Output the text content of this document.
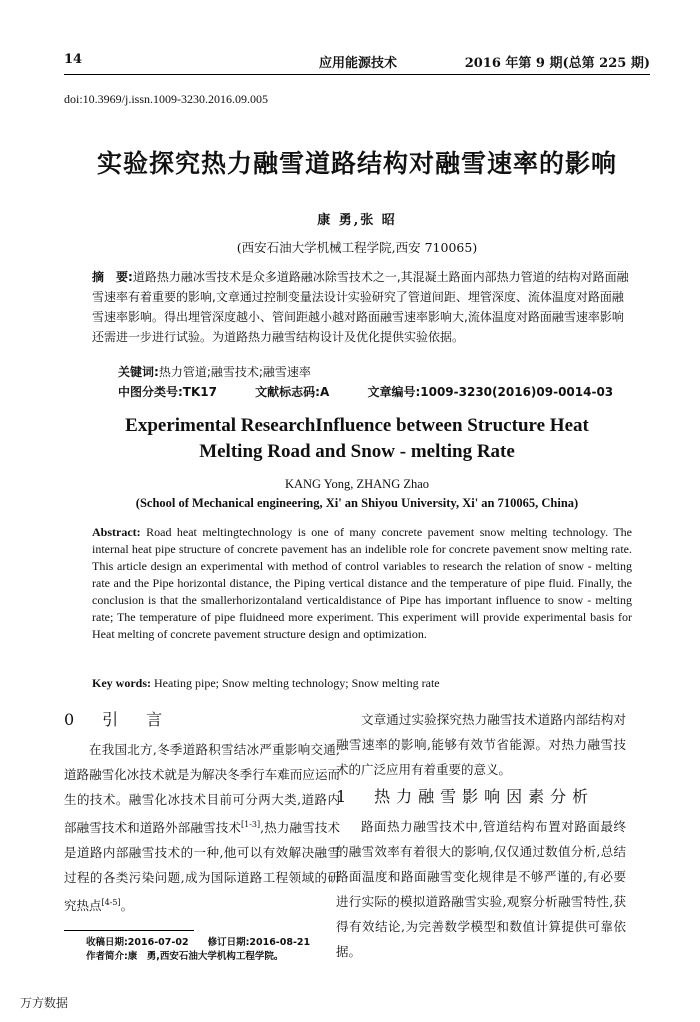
14	应用能源技术	2016 年第 9 期(总第 225 期)
doi:10.3969/j.issn.1009-3230.2016.09.005
实验探究热力融雪道路结构对融雪速率的影响
康 勇,张 昭
(西安石油大学机械工程学院,西安 710065)
摘　要:道路热力融冰雪技术是众多道路融冰除雪技术之一,其混凝土路面内部热力管道的结构对路面融雪速率有着重要的影响,文章通过控制变量法设计实验研究了管道间距、埋管深度、流体温度对路面融雪速率影响。得出埋管深度越小、管间距越小越对路面融雪速率影响大,流体温度对路面融雪速率影响还需进一步进行试验。为道路热力融雪结构设计及优化提供实验依据。
关键词:热力管道;融雪技术;融雪速率
中图分类号:TK17	文献标志码:A	文章编号:1009-3230(2016)09-0014-03
Experimental ResearchInfluence between Structure Heat
Melting Road and Snow - melting Rate
KANG Yong, ZHANG Zhao
(School of Mechanical engineering, Xi' an Shiyou University, Xi' an 710065, China)
Abstract: Road heat meltingtechnology is one of many concrete pavement snow melting technology. The internal heat pipe structure of concrete pavement has an indelible role for concrete pavement snow melting rate. This article design an experimental with method of control variables to research the relation of snow - melting rate and the Pipe horizontal distance, the Piping vertical distance and the temperature of pipe fluid. Finally, the conclusion is that the smallerhorizontaland verticaldistance of Pipe has important influence to snow - melting rate; The temperature of pipe fluidneed more experiment. This experiment will provide experimental basis for Heat melting of concrete pavement structure design and optimization.
Key words: Heating pipe; Snow melting technology; Snow melting rate
0　引　言

在我国北方,冬季道路积雪结冰严重影响交通,道路融雪化冰技术就是为解决冬季行车难而应运而生的技术。融雪化冰技术目前可分两大类,道路内部融雪技术和道路外部融雪技术[1-3],热力融雪技术是道路内部融雪技术的一种,他可以有效解决融雪过程的各类污染问题,成为国际道路工程领域的研究热点[4-5]。

文章通过实验探究热力融雪技术道路内部结构对融雪速率的影响,能够有效节省能源。对热力融雪技术的广泛应用有着重要的意义。

1　热力融雪影响因素分析

路面热力融雪技术中,管道结构布置对路面最终的融雪效率有着很大的影响,仅仅通过数值分析,总结路面温度和路面融雪变化规律是不够严谨的,有必要进行实际的模拟道路融雪实验,观察分析融雪特性,获得有效结论,为完善数学模型和数值计算提供可靠依据。

收稿日期:2016-07-02　　修订日期:2016-08-21
作者简介:康　勇,西安石油大学机构工程学院。
万方数据
